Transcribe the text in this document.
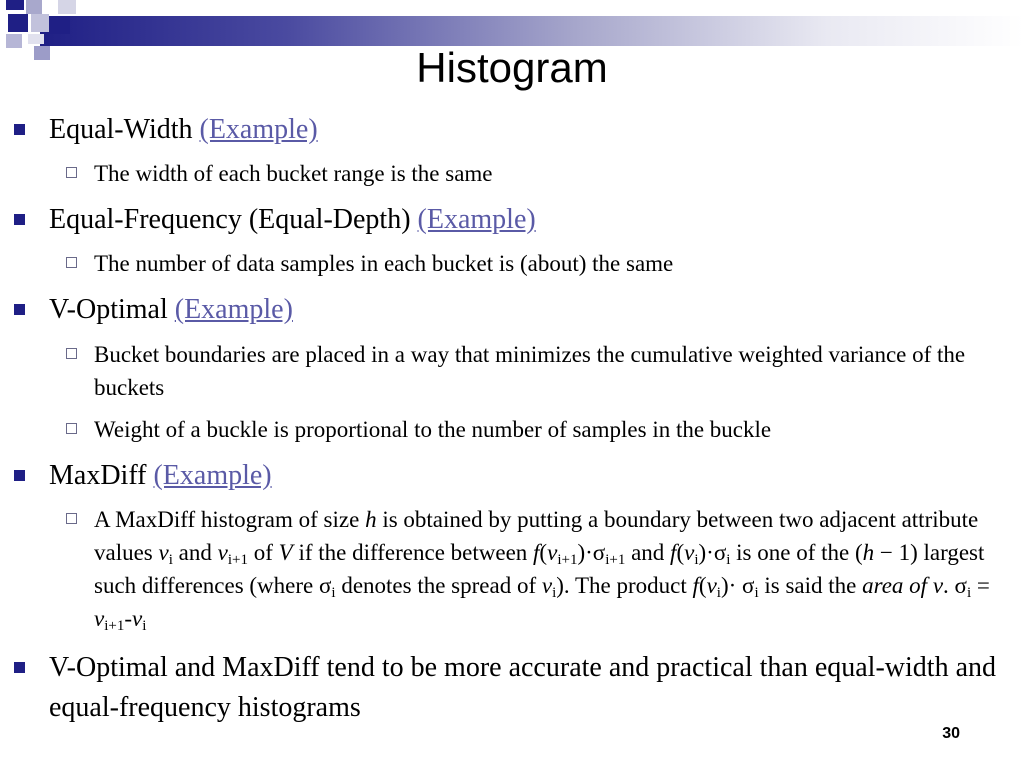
Histogram
Equal-Width (Example)
The width of each bucket range is the same
Equal-Frequency (Equal-Depth) (Example)
The number of data samples in each bucket is (about) the same
V-Optimal (Example)
Bucket boundaries are placed in a way that minimizes the cumulative weighted variance of the buckets
Weight of a buckle is proportional to the number of samples in the buckle
MaxDiff (Example)
A MaxDiff histogram of size h is obtained by putting a boundary between two adjacent attribute values $v_i$ and $v_{i+1}$ of V if the difference between $f(v_{i+1})\cdot\sigma_{i+1}$ and $f(v_i)\cdot\sigma_i$ is one of the (h − 1) largest such differences (where $\sigma_i$ denotes the spread of $v_i$). The product $f(v_i)\cdot \sigma_i$ is said the area of v. $\sigma_i = v_{i+1}-v_i$
V-Optimal and MaxDiff tend to be more accurate and practical than equal-width and equal-frequency histograms
30
